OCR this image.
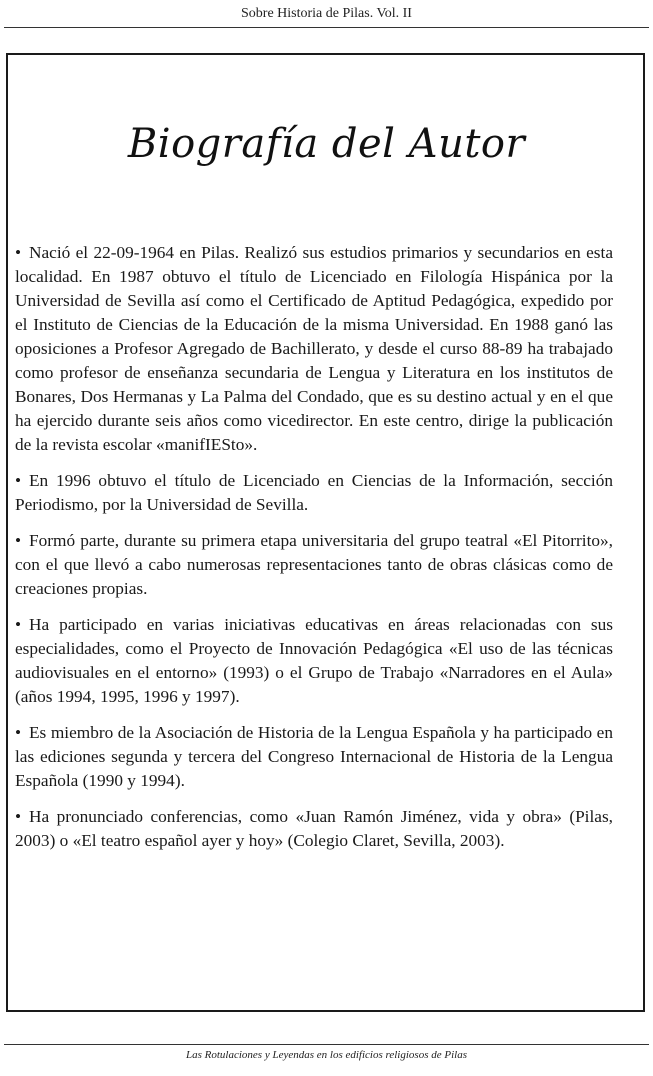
Sobre Historia de Pilas. Vol. II
Biografía del Autor

• Nació el 22-09-1964 en Pilas. Realizó sus estudios primarios y secundarios en esta localidad. En 1987 obtuvo el título de Licenciado en Filología Hispánica por la Universidad de Sevilla así como el Certificado de Aptitud Pedagógica, expedido por el Instituto de Ciencias de la Educación de la misma Universidad. En 1988 ganó las oposiciones a Profesor Agregado de Bachillerato, y desde el curso 88-89 ha trabajado como profesor de enseñanza secundaria de Lengua y Literatura en los institutos de Bonares, Dos Hermanas y La Palma del Condado, que es su destino actual y en el que ha ejercido durante seis años como vicedirector. En este centro, dirige la publicación de la revista escolar «manifIESto».

• En 1996 obtuvo el título de Licenciado en Ciencias de la Información, sección Periodismo, por la Universidad de Sevilla.

• Formó parte, durante su primera etapa universitaria del grupo teatral «El Pitorrito», con el que llevó a cabo numerosas representaciones tanto de obras clásicas como de creaciones propias.

• Ha participado en varias iniciativas educativas en áreas relacionadas con sus especialidades, como el Proyecto de Innovación Pedagógica «El uso de las técnicas audiovisuales en el entorno» (1993) o el Grupo de Trabajo «Narradores en el Aula» (años 1994, 1995, 1996 y 1997).

• Es miembro de la Asociación de Historia de la Lengua Española y ha participado en las ediciones segunda y tercera del Congreso Internacional de Historia de la Lengua Española (1990 y 1994).

• Ha pronunciado conferencias, como «Juan Ramón Jiménez, vida y obra» (Pilas, 2003) o «El teatro español ayer y hoy» (Colegio Claret, Sevilla, 2003).

Las Rotulaciones y Leyendas en los edificios religiosos de Pilas
